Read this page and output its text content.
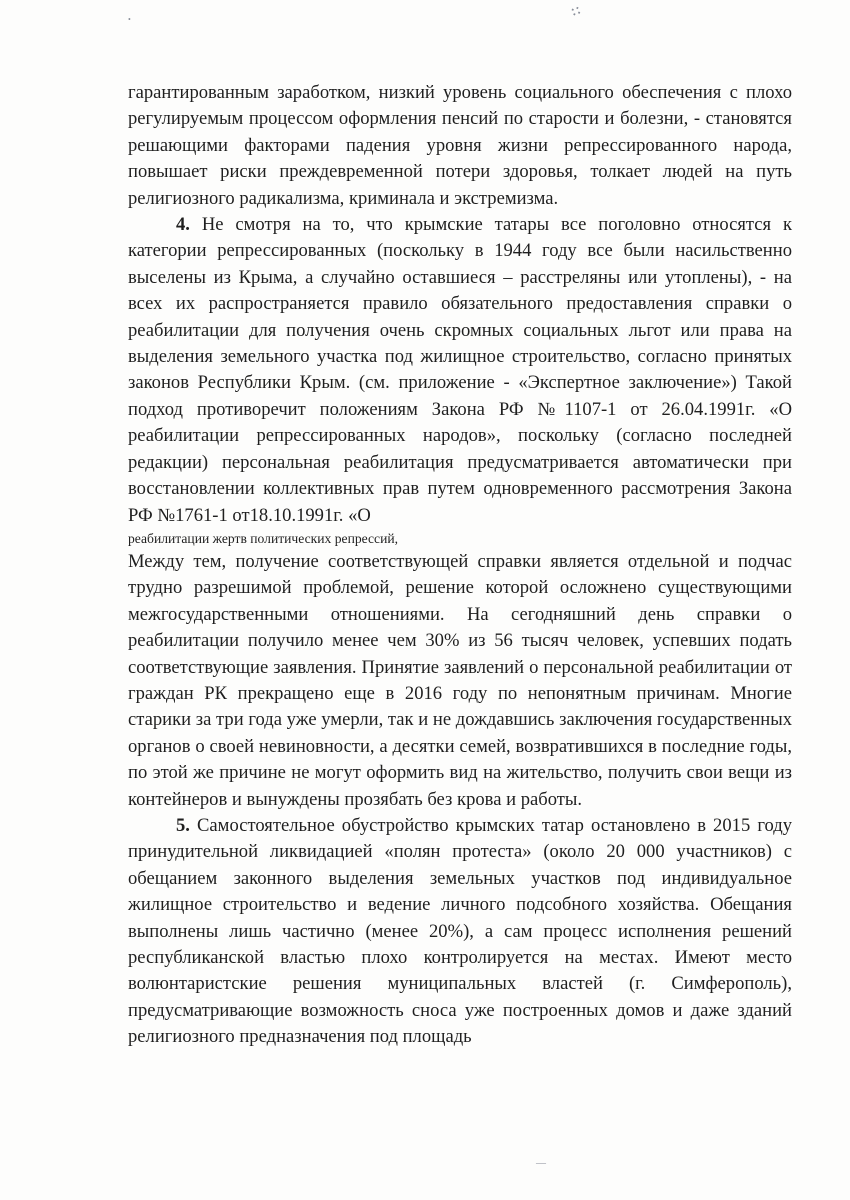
⁘
•
—

гарантированным заработком, низкий уровень социального обеспечения с плохо регулируемым процессом оформления пенсий по старости и болезни, - становятся решающими факторами падения уровня жизни репрессированного народа, повышает риски преждевременной потери здоровья, толкает людей на путь религиозного радикализма, криминала и экстремизма.

4. Не смотря на то, что крымские татары все поголовно относятся к категории репрессированных (поскольку в 1944 году все были насильственно выселены из Крыма, а случайно оставшиеся – расстреляны или утоплены), - на всех их распространяется правило обязательного предоставления справки о реабилитации для получения очень скромных социальных льгот или права на выделения земельного участка под жилищное строительство, согласно принятых законов Республики Крым. (см. приложение - «Экспертное заключение») Такой подход противоречит положениям Закона РФ №1107-1 от 26.04.1991г. «О реабилитации репрессированных народов», поскольку (согласно последней редакции) персональная реабилитация предусматривается автоматически при восстановлении коллективных прав путем одновременного рассмотрения Закона РФ №1761-1 от18.10.1991г. «О

реабилитации жертв политических репрессий,

Между тем, получение соответствующей справки является отдельной и подчас трудно разрешимой проблемой, решение которой осложнено существующими межгосударственными отношениями. На сегодняшний день справки о реабилитации получило менее чем 30% из 56 тысяч человек, успевших подать соответствующие заявления. Принятие заявлений о персональной реабилитации от граждан РК прекращено еще в 2016 году по непонятным причинам. Многие старики за три года уже умерли, так и не дождавшись заключения государственных органов о своей невиновности, а десятки семей, возвратившихся в последние годы, по этой же причине не могут оформить вид на жительство, получить свои вещи из контейнеров и вынуждены прозябать без крова и работы.

5. Самостоятельное обустройство крымских татар остановлено в 2015 году принудительной ликвидацией «полян протеста» (около 20 000 участников) с обещанием законного выделения земельных участков под индивидуальное жилищное строительство и ведение личного подсобного хозяйства. Обещания выполнены лишь частично (менее 20%), а сам процесс исполнения решений республиканской властью плохо контролируется на местах. Имеют место волюнтаристские решения муниципальных властей (г. Симферополь), предусматривающие возможность сноса уже построенных домов и даже зданий религиозного предназначения под площадь
